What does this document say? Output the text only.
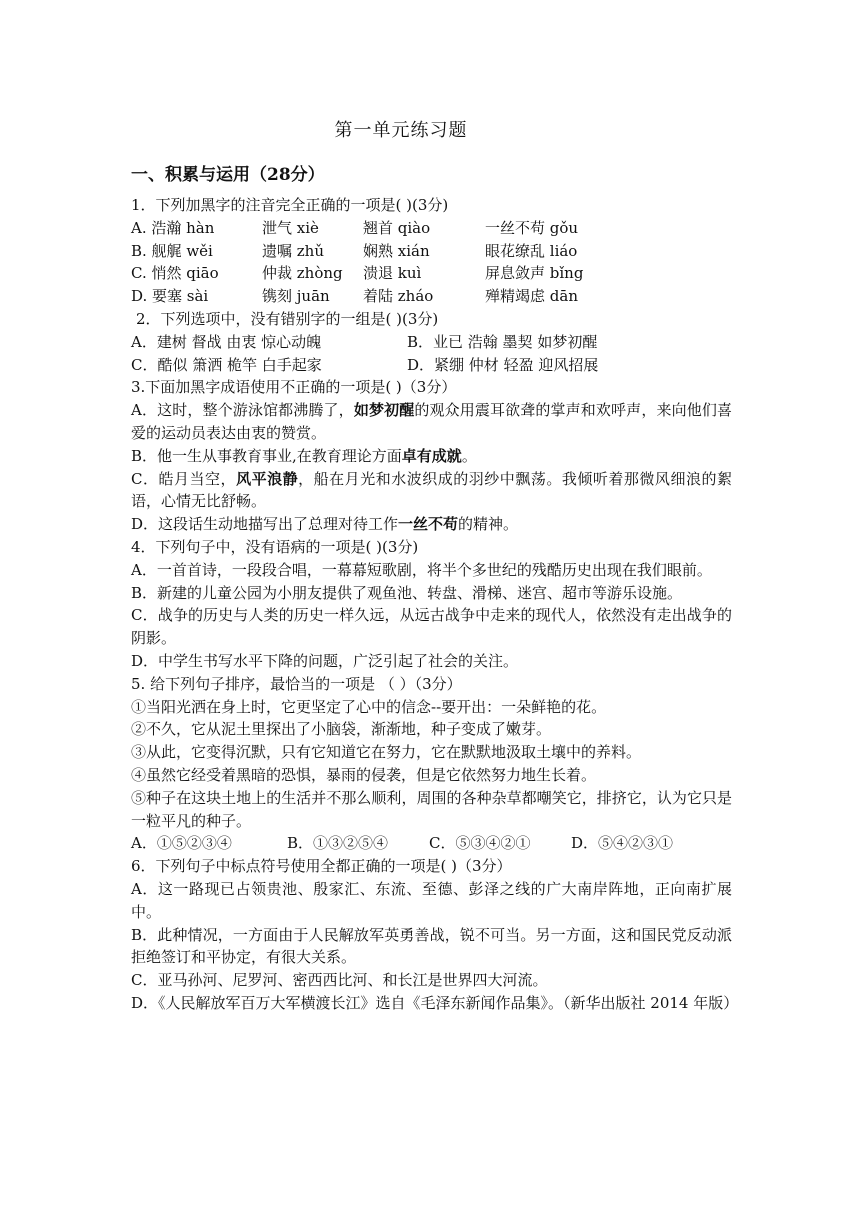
第一单元练习题
一、积累与运用（28分）
1．下列加黑字的注音完全正确的一项是( )(3分)
A. 浩瀚 hàn	泄气 xiè	翘首 qiào	一丝不苟 gǒu
B. 舰艉 wěi	遗嘱 zhǔ	娴熟 xián	眼花缭乱 liáo
C. 悄然 qiāo	仲裁 zhòng	溃退 kuì	屏息敛声 bǐng
D. 要塞 sài	镌刻 juān	着陆 zháo	殚精竭虑 dān
2．下列选项中，没有错别字的一组是( )(3分)
A．建树 督战 由衷 惊心动魄	B．业已 浩翰 墨契 如梦初醒
C．酷似 箫洒 桅竿 白手起家	D．紧绷 仲材 轻盈 迎风招展
3.下面加黑字成语使用不正确的一项是( )（3分）
A．这时，整个游泳馆都沸腾了，如梦初醒的观众用震耳欲聋的掌声和欢呼声，来向他们喜爱的运动员表达由衷的赞赏。
B．他一生从事教育事业,在教育理论方面卓有成就。
C．皓月当空，风平浪静，船在月光和水波织成的羽纱中飘荡。我倾听着那微风细浪的絮语，心情无比舒畅。
D．这段话生动地描写出了总理对待工作一丝不苟的精神。
4．下列句子中，没有语病的一项是( )(3分)
A．一首首诗，一段段合唱，一幕幕短歌剧，将半个多世纪的残酷历史出现在我们眼前。
B．新建的儿童公园为小朋友提供了观鱼池、转盘、滑梯、迷宫、超市等游乐设施。
C．战争的历史与人类的历史一样久远，从远古战争中走来的现代人，依然没有走出战争的阴影。
D．中学生书写水平下降的问题，广泛引起了社会的关注。
5. 给下列句子排序，最恰当的一项是 （ ）（3分）
①当阳光洒在身上时，它更坚定了心中的信念--要开出：一朵鲜艳的花。
②不久，它从泥土里探出了小脑袋，渐渐地，种子变成了嫩芽。
③从此，它变得沉默，只有它知道它在努力，它在默默地汲取土壤中的养料。
④虽然它经受着黑暗的恐惧，暴雨的侵袭，但是它依然努力地生长着。
⑤种子在这块土地上的生活并不那么顺利，周围的各种杂草都嘲笑它，排挤它，认为它只是一粒平凡的种子。
A．①⑤②③④	B．①③②⑤④	C．⑤③④②①	D．⑤④②③①
6．下列句子中标点符号使用全都正确的一项是( )（3分）
A．这一路现已占领贵池、殷家汇、东流、至德、彭泽之线的广大南岸阵地，正向南扩展中。
B．此种情况，一方面由于人民解放军英勇善战，锐不可当。另一方面，这和国民党反动派拒绝签订和平协定，有很大关系。
C．亚马孙河、尼罗河、密西西比河、和长江是世界四大河流。
D．《人民解放军百万大军横渡长江》选自《毛泽东新闻作品集》。（新华出版社 2014 年版）
